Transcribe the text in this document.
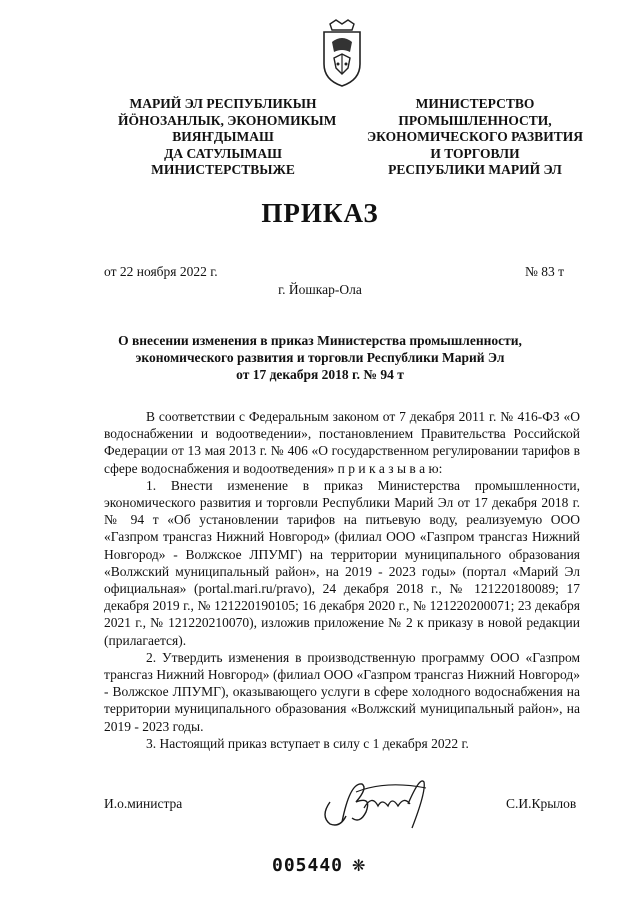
МАРИЙ ЭЛ РЕСПУБЛИКЫН
ЙӦНОЗАНЛЫК, ЭКОНОМИКЫМ
ВИЯҤДЫМАШ
ДА САТУЛЫМАШ
МИНИСТЕРСТВЫЖЕ
МИНИСТЕРСТВО
ПРОМЫШЛЕННОСТИ,
ЭКОНОМИЧЕСКОГО РАЗВИТИЯ
И ТОРГОВЛИ
РЕСПУБЛИКИ МАРИЙ ЭЛ
ПРИКАЗ
от 22 ноября 2022 г.	№ 83 т
г. Йошкар-Ола
О внесении изменения в приказ Министерства промышленности,
экономического развития и торговли Республики Марий Эл
от 17 декабря 2018 г. № 94 т

В соответствии с Федеральным законом от 7 декабря 2011 г. № 416-ФЗ «О водоснабжении и водоотведении», постановлением Правительства Российской Федерации от 13 мая 2013 г. № 406 «О государственном регулировании тарифов в сфере водоснабжения и водоотведения» п р и к а з ы в а ю:

1. Внести изменение в приказ Министерства промышленности, экономического развития и торговли Республики Марий Эл от 17 декабря 2018 г. № 94 т «Об установлении тарифов на питьевую воду, реализуемую ООО «Газпром трансгаз Нижний Новгород» (филиал ООО «Газпром трансгаз Нижний Новгород» - Волжское ЛПУМГ) на территории муниципального образования «Волжский муниципальный район», на 2019 - 2023 годы» (портал «Марий Эл официальная» (portal.mari.ru/pravo), 24 декабря 2018 г., № 121220180089; 17 декабря 2019 г., № 121220190105; 16 декабря 2020 г., № 121220200071; 23 декабря 2021 г., № 121220210070), изложив приложение № 2 к приказу в новой редакции (прилагается).

2. Утвердить изменения в производственную программу ООО «Газпром трансгаз Нижний Новгород» (филиал ООО «Газпром трансгаз Нижний Новгород» - Волжское ЛПУМГ), оказывающего услуги в сфере холодного водоснабжения на территории муниципального образования «Волжский муниципальный район», на 2019 - 2023 годы.

3. Настоящий приказ вступает в силу с 1 декабря 2022 г.

И.о.министра	С.И.Крылов
005440 ❋
